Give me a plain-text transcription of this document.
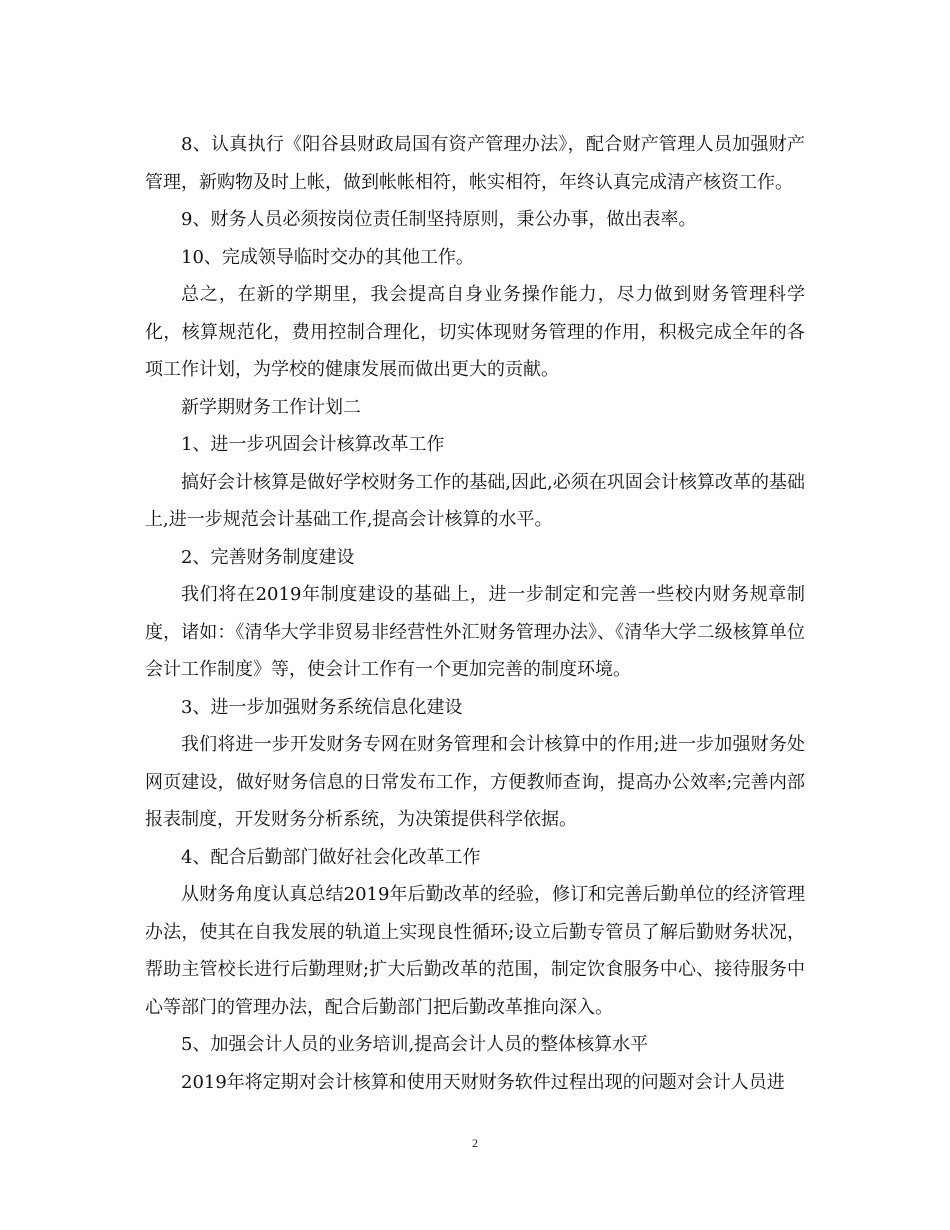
8、认真执行《阳谷县财政局国有资产管理办法》，配合财产管理人员加强财产管理，新购物及时上帐，做到帐帐相符，帐实相符，年终认真完成清产核资工作。

9、财务人员必须按岗位责任制坚持原则，秉公办事，做出表率。

10、完成领导临时交办的其他工作。

总之，在新的学期里，我会提高自身业务操作能力，尽力做到财务管理科学化，核算规范化，费用控制合理化，切实体现财务管理的作用，积极完成全年的各项工作计划，为学校的健康发展而做出更大的贡献。

新学期财务工作计划二

1、进一步巩固会计核算改革工作

搞好会计核算是做好学校财务工作的基础,因此,必须在巩固会计核算改革的基础上,进一步规范会计基础工作,提高会计核算的水平。

2、完善财务制度建设

我们将在2019年制度建设的基础上，进一步制定和完善一些校内财务规章制度，诸如：《清华大学非贸易非经营性外汇财务管理办法》、《清华大学二级核算单位会计工作制度》等，使会计工作有一个更加完善的制度环境。

3、进一步加强财务系统信息化建设

我们将进一步开发财务专网在财务管理和会计核算中的作用;进一步加强财务处网页建设，做好财务信息的日常发布工作，方便教师查询，提高办公效率;完善内部报表制度，开发财务分析系统，为决策提供科学依据。

4、配合后勤部门做好社会化改革工作

从财务角度认真总结2019年后勤改革的经验，修订和完善后勤单位的经济管理办法，使其在自我发展的轨道上实现良性循环;设立后勤专管员了解后勤财务状况，帮助主管校长进行后勤理财;扩大后勤改革的范围，制定饮食服务中心、接待服务中心等部门的管理办法，配合后勤部门把后勤改革推向深入。

5、加强会计人员的业务培训,提高会计人员的整体核算水平

2019年将定期对会计核算和使用天财财务软件过程出现的问题对会计人员进

2
